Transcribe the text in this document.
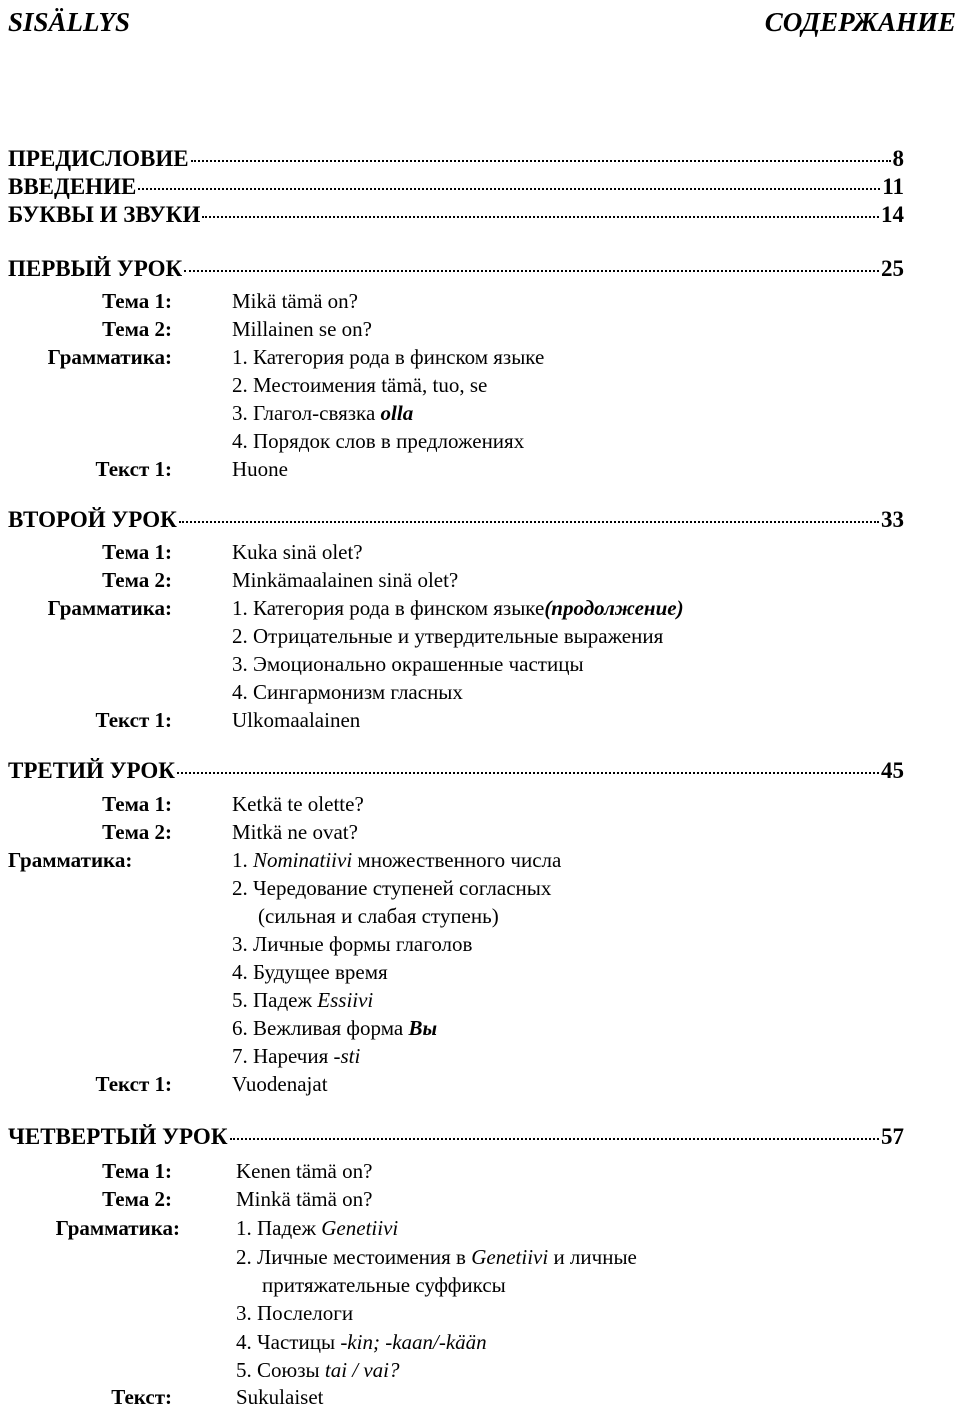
SISÄLLYS	СОДЕРЖАНИЕ
ПРЕДИСЛОВИЕ	8
ВВЕДЕНИЕ	11
БУКВЫ И ЗВУКИ	14
ПЕРВЫЙ УРОК	25
Тема 1:	Mikä tämä on?
Тема 2:	Millainen se on?
Грамматика:	1. Категория рода в финском языке
2. Местоимения tämä, tuo, se
3. Глагол-связка olla
4. Порядок слов в предложениях
Текст 1:	Huone
ВТОРОЙ УРОК	33
Тема 1:	Kuka sinä olet?
Тема 2:	Minkämaalainen sinä olet?
Грамматика:	1. Категория рода в финском языке(продолжение)
2. Отрицательные и утвердительные выражения
3. Эмоционально окрашенные частицы
4. Сингармонизм гласных
Текст 1:	Ulkomaalainen
ТРЕТИЙ УРОК	45
Тема 1:	Ketkä te olette?
Тема 2:	Mitkä ne ovat?
Грамматика:	1. Nominatiivi множественного числа
2. Чередование ступеней согласных
(сильная и слабая ступень)
3. Личные формы глаголов
4. Будущее время
5. Падеж Essiivi
6. Вежливая форма Вы
7. Наречия -sti
Текст 1:	Vuodenajat
ЧЕТВЕРТЫЙ УРОК	57
Тема 1:	Kenen tämä on?
Тема 2:	Minkä tämä on?
Грамматика:	1. Падеж Genetiivi
2. Личные местоимения в Genetiivi и личные
притяжательные суффиксы
3. Послелоги
4. Частицы -kin; -kaan/-kään
5. Союзы tai / vai?
Текст:	Sukulaiset
